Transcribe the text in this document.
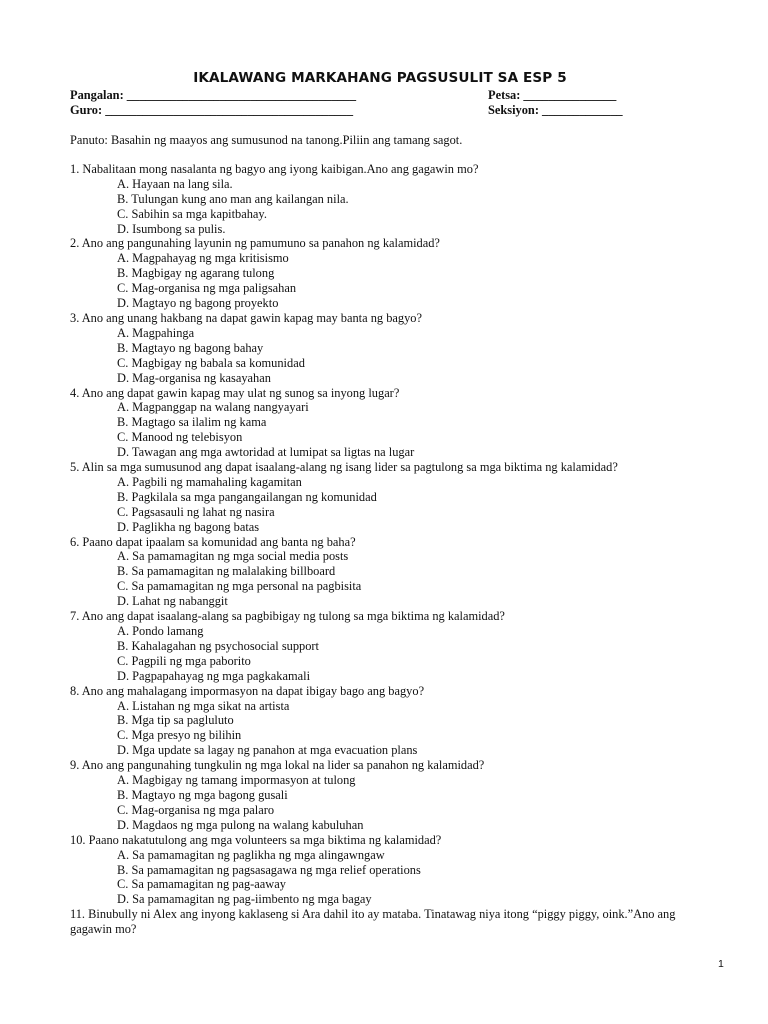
IKALAWANG MARKAHANG PAGSUSULIT SA ESP 5
Pangalan: _____________________________________	Petsa: _______________
Guro: ________________________________________	Seksiyon: _____________
Panuto: Basahin ng maayos ang sumusunod na tanong.Piliin ang tamang sagot.
1. Nabalitaan mong nasalanta ng bagyo ang iyong kaibigan.Ano ang gagawin mo?
A. Hayaan na lang sila.
B. Tulungan kung ano man ang kailangan nila.
C. Sabihin sa mga kapitbahay.
D. Isumbong sa pulis.
2. Ano ang pangunahing layunin ng pamumuno sa panahon ng kalamidad?
A. Magpahayag ng mga kritisismo
B. Magbigay ng agarang tulong
C. Mag-organisa ng mga paligsahan
D. Magtayo ng bagong proyekto
3. Ano ang unang hakbang na dapat gawin kapag may banta ng bagyo?
A. Magpahinga
B. Magtayo ng bagong bahay
C. Magbigay ng babala sa komunidad
D. Mag-organisa ng kasayahan
4. Ano ang dapat gawin kapag may ulat ng sunog sa inyong lugar?
A. Magpanggap na walang nangyayari
B. Magtago sa ilalim ng kama
C. Manood ng telebisyon
D. Tawagan ang mga awtoridad at lumipat sa ligtas na lugar
5. Alin sa mga sumusunod ang dapat isaalang-alang ng isang lider sa pagtulong sa mga biktima ng kalamidad?
A. Pagbili ng mamahaling kagamitan
B. Pagkilala sa mga pangangailangan ng komunidad
C. Pagsasauli ng lahat ng nasira
D. Paglikha ng bagong batas
6. Paano dapat ipaalam sa komunidad ang banta ng baha?
A. Sa pamamagitan ng mga social media posts
B. Sa pamamagitan ng malalaking billboard
C. Sa pamamagitan ng mga personal na pagbisita
D. Lahat ng nabanggit
7. Ano ang dapat isaalang-alang sa pagbibigay ng tulong sa mga biktima ng kalamidad?
A. Pondo lamang
B. Kahalagahan ng psychosocial support
C. Pagpili ng mga paborito
D. Pagpapahayag ng mga pagkakamali
8. Ano ang mahalagang impormasyon na dapat ibigay bago ang bagyo?
A. Listahan ng mga sikat na artista
B. Mga tip sa pagluluto
C. Mga presyo ng bilihin
D. Mga update sa lagay ng panahon at mga evacuation plans
9. Ano ang pangunahing tungkulin ng mga lokal na lider sa panahon ng kalamidad?
A. Magbigay ng tamang impormasyon at tulong
B. Magtayo ng mga bagong gusali
C. Mag-organisa ng mga palaro
D. Magdaos ng mga pulong na walang kabuluhan
10. Paano nakatutulong ang mga volunteers sa mga biktima ng kalamidad?
A. Sa pamamagitan ng paglikha ng mga alingawngaw
B. Sa pamamagitan ng pagsasagawa ng mga relief operations
C. Sa pamamagitan ng pag-aaway
D. Sa pamamagitan ng pag-iimbento ng mga bagay
11. Binubully ni Alex ang inyong kaklaseng si Ara dahil ito ay mataba. Tinatawag niya itong “piggy piggy, oink.”Ano ang gagawin mo?
1
